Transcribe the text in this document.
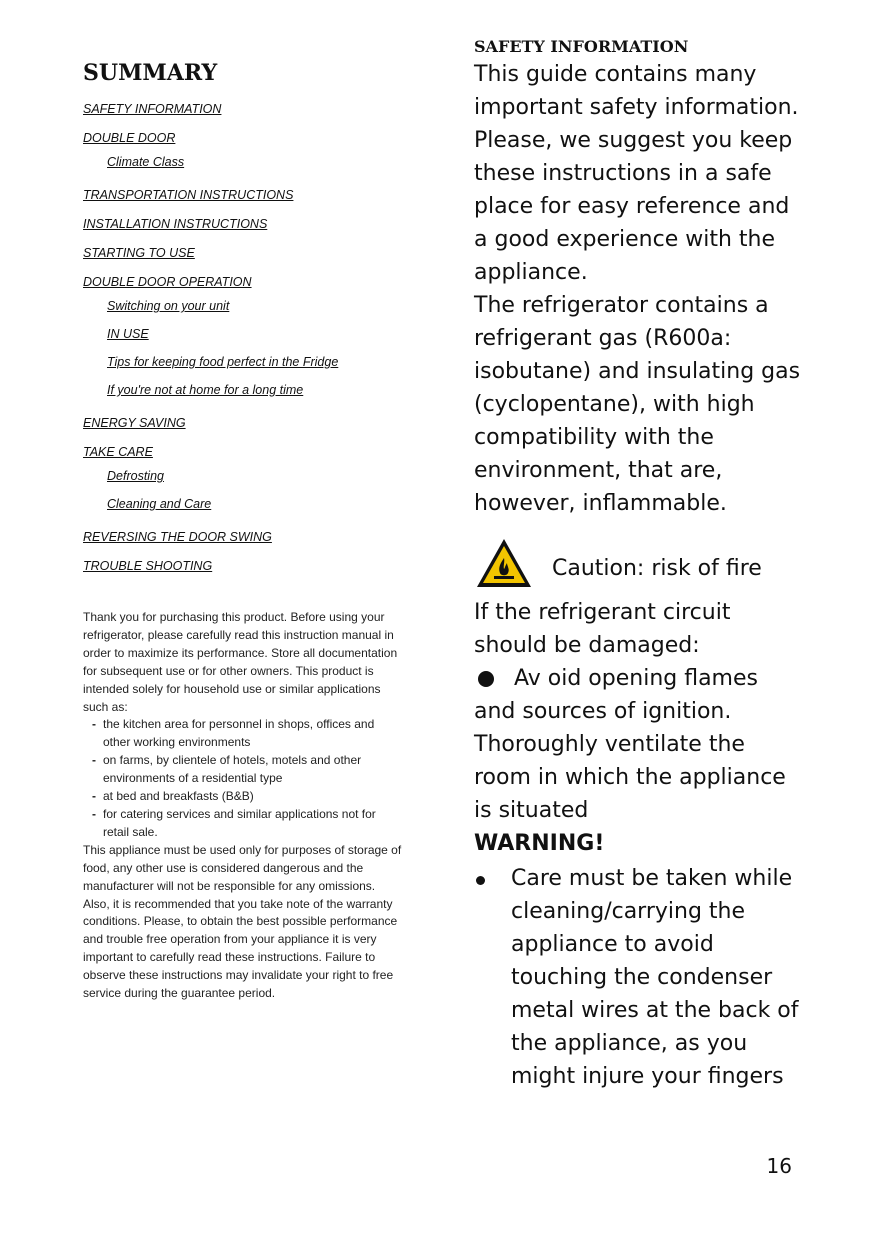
SUMMARY
SAFETY INFORMATION
DOUBLE DOOR
Climate Class
TRANSPORTATION INSTRUCTIONS
INSTALLATION INSTRUCTIONS
STARTING TO USE
DOUBLE DOOR OPERATION
Switching on your unit
IN USE
Tips for keeping food perfect in the Fridge
If you're not at home for a long time
ENERGY SAVING
TAKE CARE
Defrosting
Cleaning and Care
REVERSING THE DOOR SWING
TROUBLE SHOOTING

Thank you for purchasing this product. Before using your refrigerator, please carefully read this instruction manual in order to maximize its performance. Store all documentation for subsequent use or for other owners. This product is intended solely for household use or similar applications such as:

- the kitchen area for personnel in shops, offices and other working environments
- on farms, by clientele of hotels, motels and other environments of a residential type
- at bed and breakfasts (B&B)
- for catering services and similar applications not for retail sale.

This appliance must be used only for purposes of storage of food, any other use is considered dangerous and the manufacturer will not be responsible for any omissions. Also, it is recommended that you take note of the warranty conditions. Please, to obtain the best possible performance and trouble free operation from your appliance it is very important to carefully read these instructions. Failure to observe these instructions may invalidate your right to free service during the guarantee period.

SAFETY INFORMATION

This guide contains many important safety information. Please, we suggest you keep these instructions in a safe place for easy reference and a good experience with the appliance.

The refrigerator contains a refrigerant gas (R600a: isobutane) and insulating gas (cyclopentane), with high compatibility with the environment, that are, however, inflammable.

Caution: risk of fire

If the refrigerant circuit should be damaged:

Av oid opening flames

and sources of ignition. Thoroughly ventilate the room in which the appliance is situated

WARNING!

Care must be taken while cleaning/carrying the appliance to avoid touching the condenser metal wires at the back of the appliance, as you might injure your fingers
16
